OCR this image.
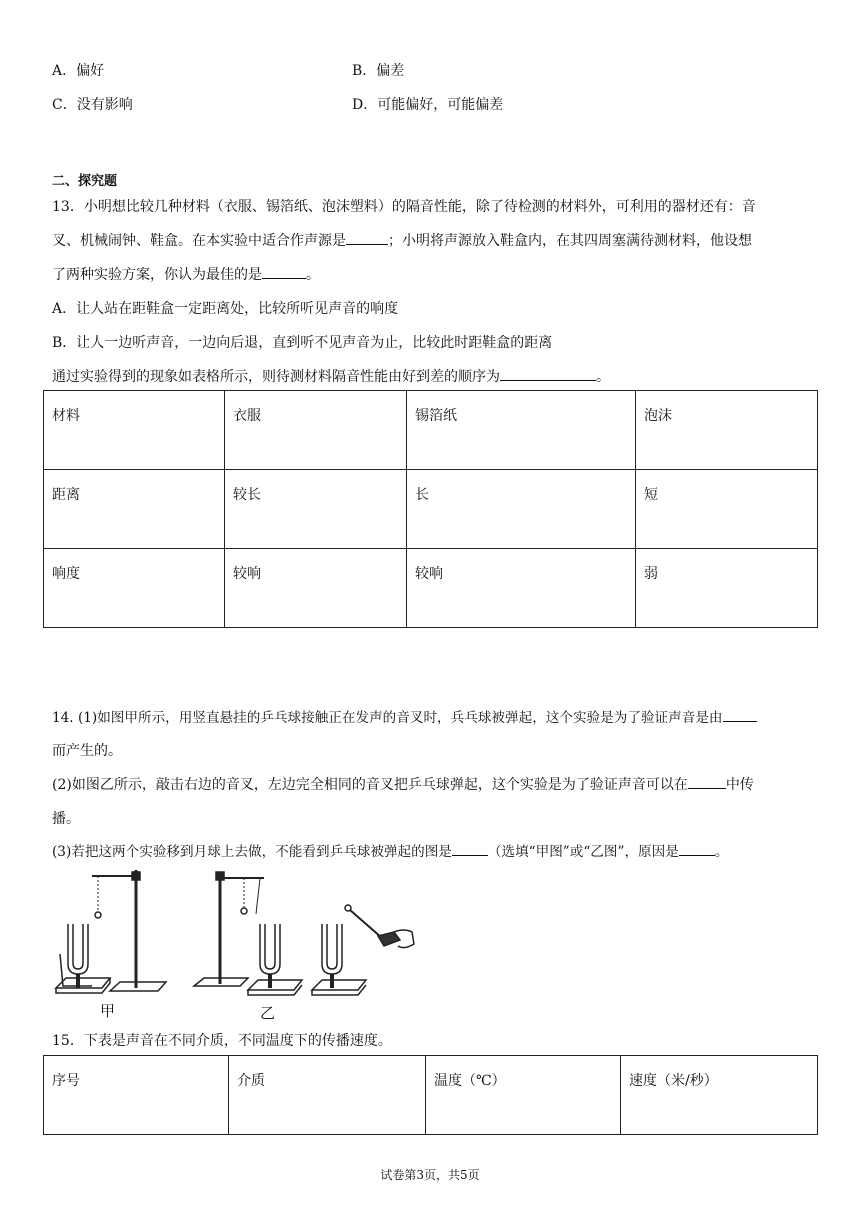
A．偏好	B．偏差
C．没有影响	D．可能偏好，可能偏差
二、探究题
13．小明想比较几种材料（衣服、锡箔纸、泡沫塑料）的隔音性能，除了待检测的材料外，可利用的器材还有：音
叉、机械闹钟、鞋盒。在本实验中适合作声源是	；小明将声源放入鞋盒内，在其四周塞满待测材料，他设想
了两种实验方案，你认为最佳的是	。
A．让人站在距鞋盒一定距离处，比较所听见声音的响度
B．让人一边听声音，一边向后退，直到听不见声音为止，比较此时距鞋盒的距离
通过实验得到的现象如表格所示，则待测材料隔音性能由好到差的顺序为	。
材料	衣服	锡箔纸	泡沫
距离	较长	长	短
响度	较响	较响	弱
14. (1)如图甲所示，用竖直悬挂的乒乓球接触正在发声的音叉时，兵乓球被弹起，这个实验是为了验证声音是由
而产生的。
(2)如图乙所示，敲击右边的音叉，左边完全相同的音叉把乒乓球弹起，这个实验是为了验证声音可以在	中传
播。
(3)若把这两个实验移到月球上去做，不能看到乒乓球被弹起的图是	（选填“甲图”或“乙图”，原因是	。
甲	乙
15．下表是声音在不同介质，不同温度下的传播速度。
序号	介质	温度（℃）	速度（米/秒）
试卷第3页，共5页
